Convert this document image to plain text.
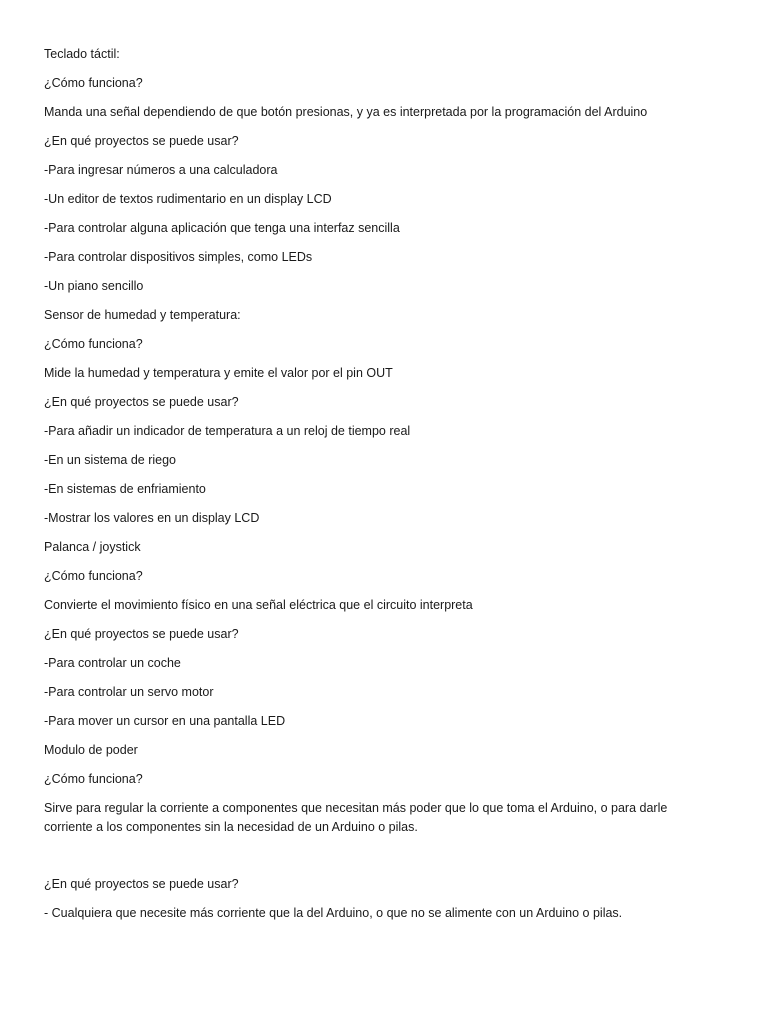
Teclado táctil:
¿Cómo funciona?
Manda una señal dependiendo de que botón presionas, y ya es interpretada por la programación del Arduino
¿En qué proyectos se puede usar?
-Para ingresar números a una calculadora
-Un editor de textos rudimentario en un display LCD
-Para controlar alguna aplicación que tenga una interfaz sencilla
-Para controlar dispositivos simples, como LEDs
-Un piano sencillo
Sensor de humedad y temperatura:
¿Cómo funciona?
Mide la humedad y temperatura y emite el valor por el pin OUT
¿En qué proyectos se puede usar?
-Para añadir un indicador de temperatura a un reloj de tiempo real
-En un sistema de riego
-En sistemas de enfriamiento
-Mostrar los valores en un display LCD
Palanca / joystick
¿Cómo funciona?
Convierte el movimiento físico en una señal eléctrica que el circuito interpreta
¿En qué proyectos se puede usar?
-Para controlar un coche
-Para controlar un servo motor
-Para mover un cursor en una pantalla LED
Modulo de poder
¿Cómo funciona?
Sirve para regular la corriente a componentes que necesitan más poder que lo que toma el Arduino, o para darle corriente a los componentes sin la necesidad de un Arduino o pilas.
¿En qué proyectos se puede usar?
- Cualquiera que necesite más corriente que la del Arduino, o que no se alimente con un Arduino o pilas.
